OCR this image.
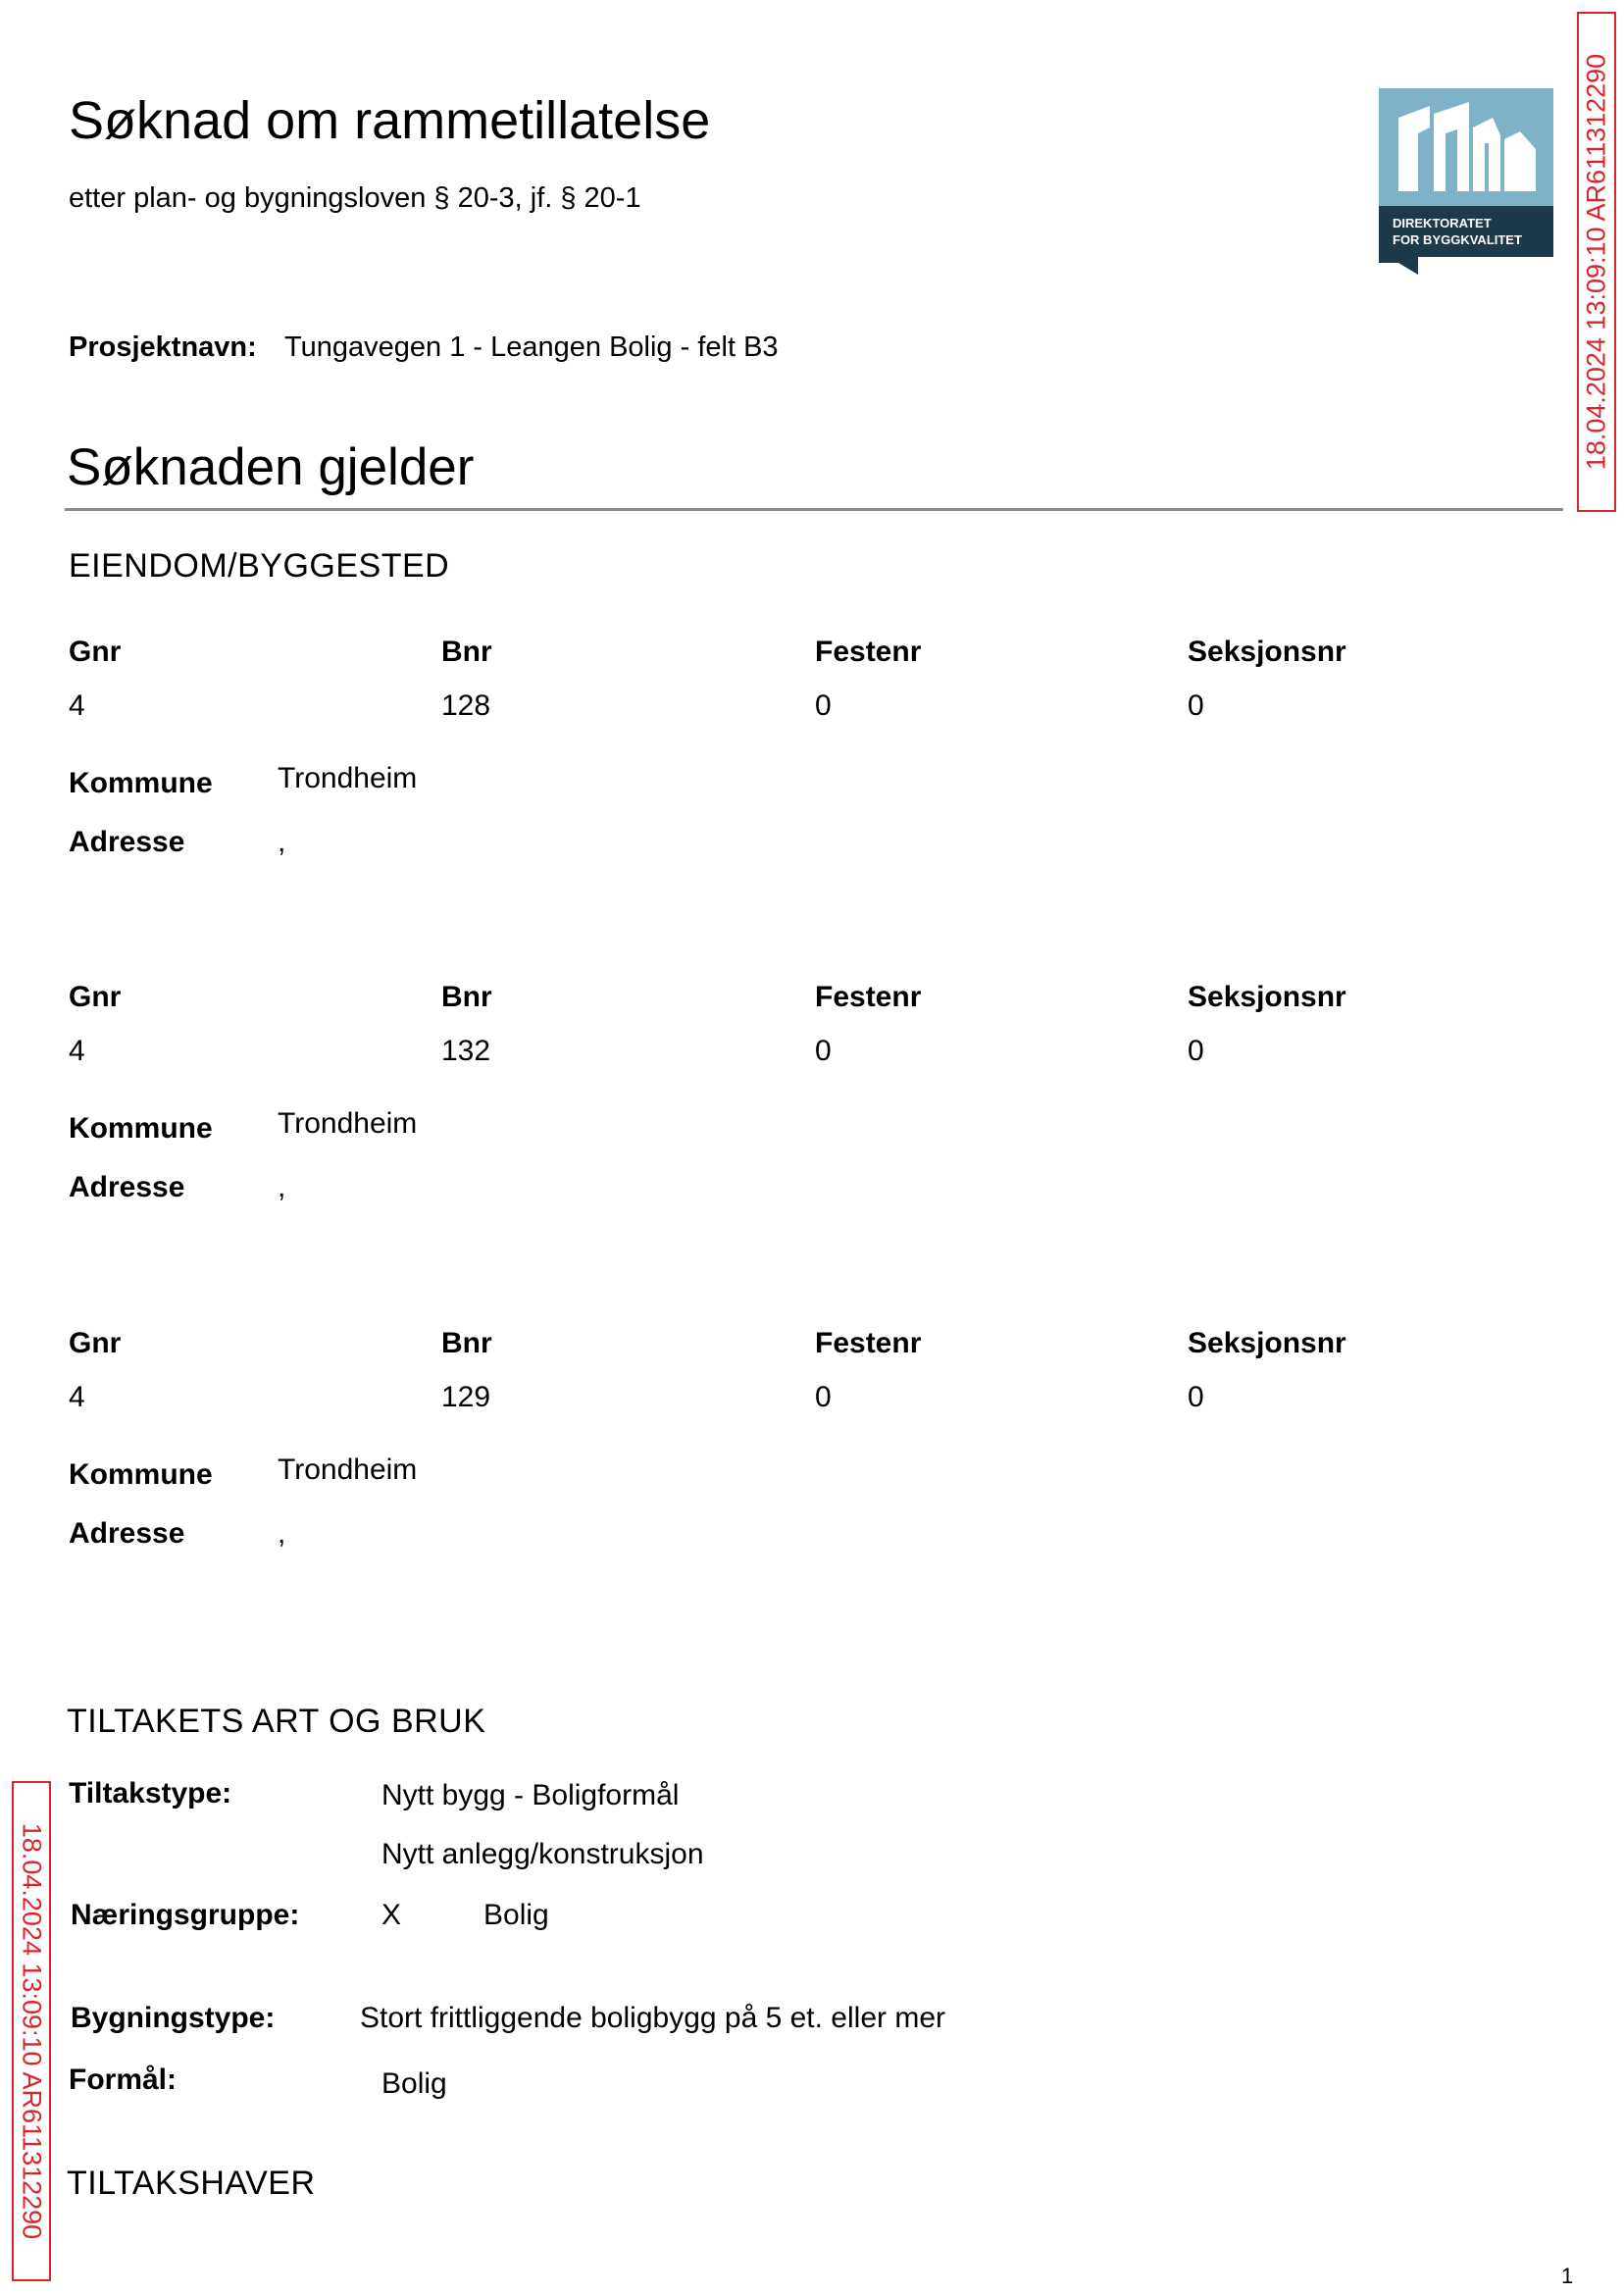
Søknad om rammetillatelse
etter plan- og bygningsloven § 20-3, jf. § 20-1
DIREKTORATET
FOR BYGGKVALITET 18.04.2024 13:09:10 AR611312290
18.04.2024 13:09:10 AR611312290
Prosjektnavn: Tungavegen 1 - Leangen Bolig - felt B3
Søknaden gjelder
EIENDOM/BYGGESTED
Gnr	Bnr	Festenr	Seksjonsnr
4	128	0	0
Kommune Trondheim
Adresse	,
Gnr	Bnr	Festenr	Seksjonsnr
4	132	0	0
Kommune Trondheim
Adresse	,
Gnr	Bnr	Festenr	Seksjonsnr
4	129	0	0
Kommune Trondheim
Adresse	,
TILTAKETS ART OG BRUK
Tiltakstype:	Nytt bygg - Boligformål
Nytt anlegg/konstruksjon
Næringsgruppe:	X	Bolig
Bygningstype:	Stort frittliggende boligbygg på 5 et. eller mer
Formål:	Bolig
TILTAKSHAVER
1
